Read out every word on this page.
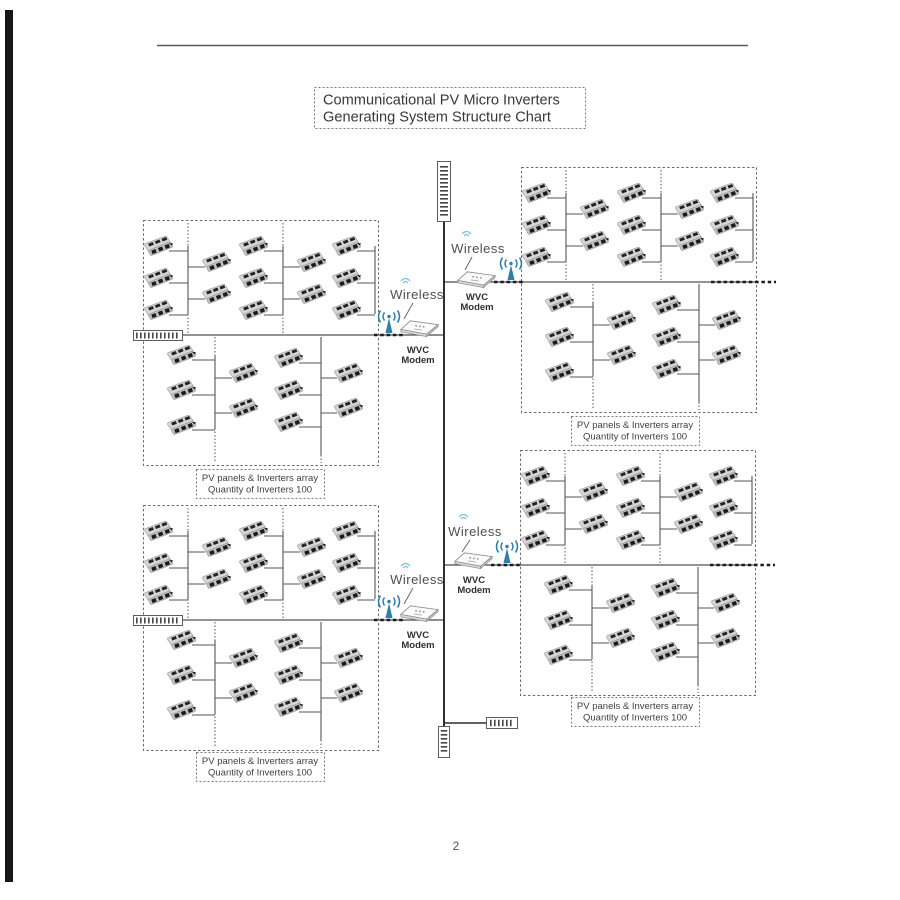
Communicational PV Micro Inverters
Generating System Structure Chart
Wireless
WVC
Modem
Wireless
WVC
Modem
Wireless
WVC
Modem
Wireless
WVC
Modem
PV panels & Inverters array
Quantity of Inverters 100
PV panels & Inverters array
Quantity of Inverters 100
PV panels & Inverters array
Quantity of Inverters 100
PV panels & Inverters array
Quantity of Inverters 100
2
